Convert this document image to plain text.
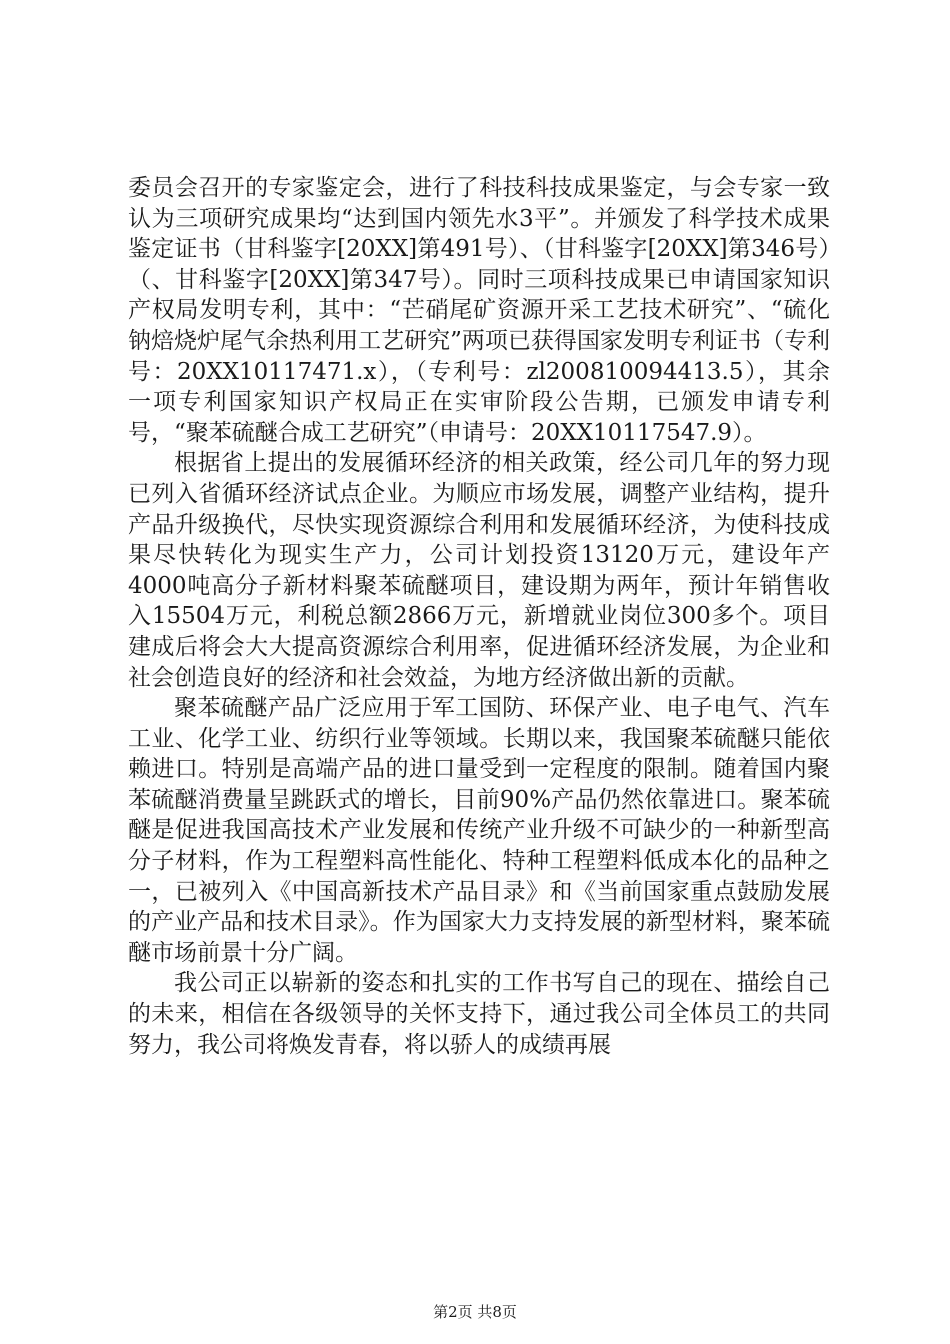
委员会召开的专家鉴定会，进行了科技科技成果鉴定，与会专家一致认为三项研究成果均“达到国内领先水3平”。并颁发了科学技术成果鉴定证书（甘科鉴字[20XX]第491号）、（甘科鉴字[20XX]第346号）（、甘科鉴字[20XX]第347号）。同时三项科技成果已申请国家知识产权局发明专利，其中：“芒硝尾矿资源开采工艺技术研究”、“硫化钠焙烧炉尾气余热利用工艺研究”两项已获得国家发明专利证书（专利号：20XX10117471.x），（专利号：zl200810094413.5），其余一项专利国家知识产权局正在实审阶段公告期，已颁发申请专利号，“聚苯硫醚合成工艺研究”（申请号：20XX10117547.9）。

根据省上提出的发展循环经济的相关政策，经公司几年的努力现已列入省循环经济试点企业。为顺应市场发展，调整产业结构，提升产品升级换代，尽快实现资源综合利用和发展循环经济，为使科技成果尽快转化为现实生产力，公司计划投资13120万元，建设年产4000吨高分子新材料聚苯硫醚项目，建设期为两年，预计年销售收入15504万元，利税总额2866万元，新增就业岗位300多个。项目建成后将会大大提高资源综合利用率，促进循环经济发展，为企业和社会创造良好的经济和社会效益，为地方经济做出新的贡献。

聚苯硫醚产品广泛应用于军工国防、环保产业、电子电气、汽车工业、化学工业、纺织行业等领域。长期以来，我国聚苯硫醚只能依赖进口。特别是高端产品的进口量受到一定程度的限制。随着国内聚苯硫醚消费量呈跳跃式的增长，目前90%产品仍然依靠进口。聚苯硫醚是促进我国高技术产业发展和传统产业升级不可缺少的一种新型高分子材料，作为工程塑料高性能化、特种工程塑料低成本化的品种之一，已被列入《中国高新技术产品目录》和《当前国家重点鼓励发展的产业产品和技术目录》。作为国家大力支持发展的新型材料，聚苯硫醚市场前景十分广阔。

我公司正以崭新的姿态和扎实的工作书写自己的现在、描绘自己的未来，相信在各级领导的关怀支持下，通过我公司全体员工的共同努力，我公司将焕发青春，将以骄人的成绩再展

第2页 共8页
